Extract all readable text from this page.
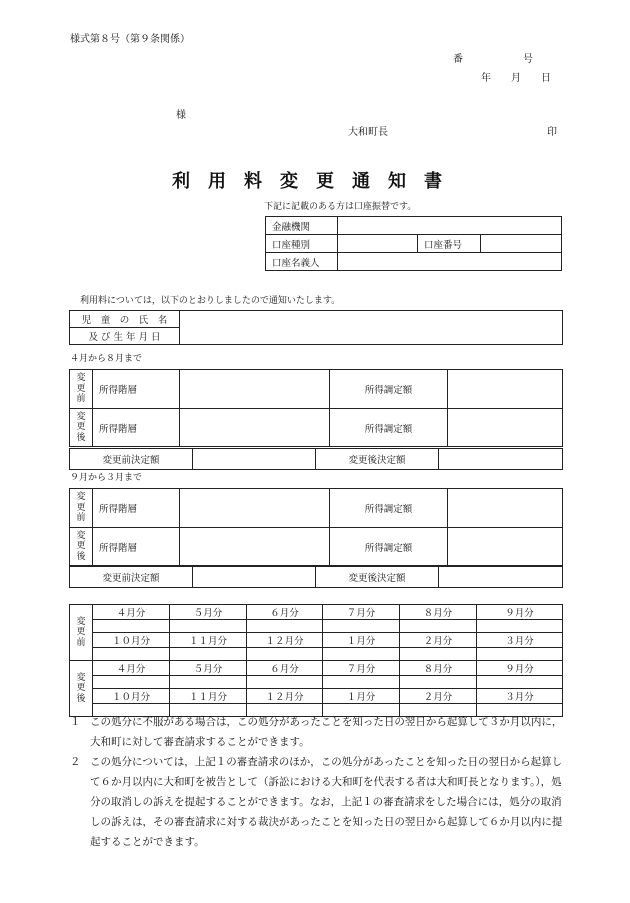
様式第８号（第９条関係）
番　　　　　　号
年　　月　　日
様
大和町長	印
利　用　料　変　更　通　知　書
下記に記載のある方は口座振替です。
金融機関			
口座種別		口座番号	
口座名義人			
利用料については，以下のとおりしましたので通知いたします。
児　童　の　氏　名	
及 び 生 年 月 日
４月から８月まで
変
更
前	所得階層		所得調定額	
変
更
後	所得階層		所得調定額	
変更前決定額		変更後決定額	
９月から３月まで
変
更
前	所得階層		所得調定額	
変
更
後	所得階層		所得調定額	
変更前決定額		変更後決定額	
変
更
前	４月分	５月分	６月分	７月分	８月分	９月分

	１０月分	１１月分	１２月分	１月分	２月分	３月分

変
更
後	４月分	５月分	６月分	７月分	８月分	９月分

	１０月分	１１月分	１２月分	１月分	２月分	３月分

１ この処分に不服がある場合は，この処分があったことを知った日の翌日から起算して３か月以内に，大和町に対して審査請求することができます。
２ この処分については，上記１の審査請求のほか，この処分があったことを知った日の翌日から起算して６か月以内に大和町を被告として（訴訟における大和町を代表する者は大和町長となります。），処分の取消しの訴えを提起することができます。なお，上記１の審査請求をした場合には，処分の取消しの訴えは，その審査請求に対する裁決があったことを知った日の翌日から起算して６か月以内に提起することができます。
